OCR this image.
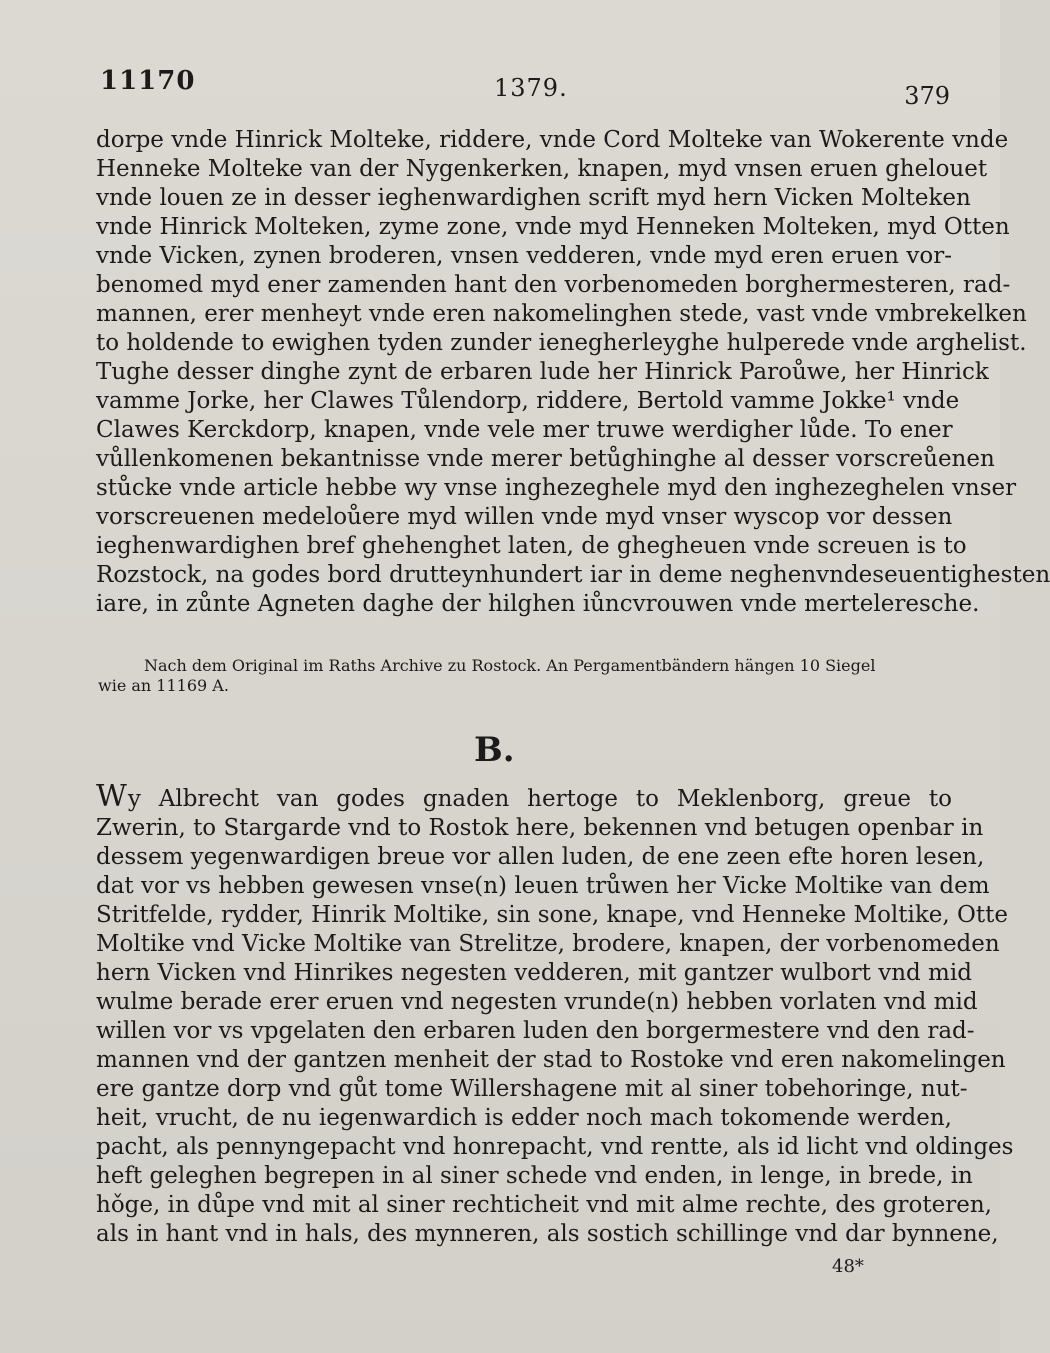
11170	1379.	379

dorpe vnde Hinrick Molteke, riddere, vnde Cord Molteke van Wokerente vnde
Henneke Molteke van der Nygenkerken, knapen, myd vnsen eruen ghelouet
vnde louen ze in desser ieghenwardighen scrift myd hern Vicken Molteken
vnde Hinrick Molteken, zyme zone, vnde myd Henneken Molteken, myd Otten
vnde Vicken, zynen broderen, vnsen vedderen, vnde myd eren eruen vor-
benomed myd ener zamenden hant den vorbenomeden borghermesteren, rad-
mannen, erer menheyt vnde eren nakomelinghen stede, vast vnde vmbrekelken
to holdende to ewighen tyden zunder ienegherleyghe hulperede vnde arghelist.
Tughe desser dinghe zynt de erbaren lude her Hinrick Paroůwe, her Hinrick
vamme Jorke, her Clawes Tůlendorp, riddere, Bertold vamme Jokke¹ vnde
Clawes Kerckdorp, knapen, vnde vele mer truwe werdigher lůde. To ener
vůllenkomenen bekantnisse vnde merer betůghinghe al desser vorscreůenen
stůcke vnde article hebbe wy vnse inghezeghele myd den inghezeghelen vnser
vorscreuenen medeloůere myd willen vnde myd vnser wyscop vor dessen
ieghenwardighen bref ghehenghet laten, de ghegheuen vnde screuen is to
Rozstock, na godes bord drutteynhundert iar in deme neghenvndeseuentighesten
iare, in zůnte Agneten daghe der hilghen iůncvrouwen vnde merteleresche.

Nach dem Original im Raths Archive zu Rostock. An Pergamentbändern hängen 10 Siegel
wie an 11169 A.
B.

Wy Albrecht van godes gnaden hertoge to Meklenborg, greue to
Zwerin, to Stargarde vnd to Rostok here, bekennen vnd betugen openbar in
dessem yegenwardigen breue vor allen luden, de ene zeen efte horen lesen,
dat vor vs hebben gewesen vnse(n) leuen trůwen her Vicke Moltike van dem
Stritfelde, rydder, Hinrik Moltike, sin sone, knape, vnd Henneke Moltike, Otte
Moltike vnd Vicke Moltike van Strelitze, brodere, knapen, der vorbenomeden
hern Vicken vnd Hinrikes negesten vedderen, mit gantzer wulbort vnd mid
wulme berade erer eruen vnd negesten vrunde(n) hebben vorlaten vnd mid
willen vor vs vpgelaten den erbaren luden den borgermestere vnd den rad-
mannen vnd der gantzen menheit der stad to Rostoke vnd eren nakomelingen
ere gantze dorp vnd gůt tome Willershagene mit al siner tobehoringe, nut-
heit, vrucht, de nu iegenwardich is edder noch mach tokomende werden,
pacht, als pennyngepacht vnd honrepacht, vnd rentte, als id licht vnd oldinges
heft geleghen begrepen in al siner schede vnd enden, in lenge, in brede, in
hǒge, in důpe vnd mit al siner rechticheit vnd mit alme rechte, des groteren,
als in hant vnd in hals, des mynneren, als sostich schillinge vnd dar bynnene,

48*
